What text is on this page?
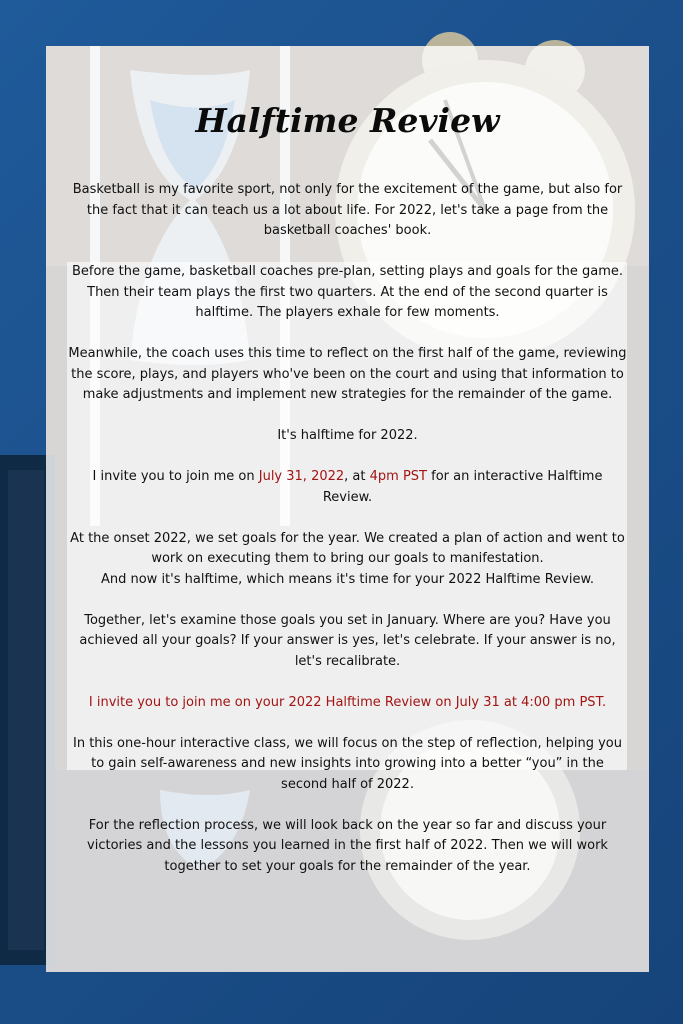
Halftime Review

Basketball is my favorite sport, not only for the excitement of the game, but also for the fact that it can teach us a lot about life. For 2022, let's take a page from the basketball coaches' book.

Before the game, basketball coaches pre-plan, setting plays and goals for the game. Then their team plays the first two quarters. At the end of the second quarter is halftime. The players exhale for few moments.

Meanwhile, the coach uses this time to reflect on the first half of the game, reviewing the score, plays, and players who've been on the court and using that information to make adjustments and implement new strategies for the remainder of the game.

It's halftime for 2022.

I invite you to join me on July 31, 2022, at 4pm PST for an interactive Halftime Review.

At the onset 2022, we set goals for the year. We created a plan of action and went to work on executing them to bring our goals to manifestation.
And now it's halftime, which means it's time for your 2022 Halftime Review.

Together, let's examine those goals you set in January. Where are you? Have you achieved all your goals? If your answer is yes, let's celebrate. If your answer is no, let's recalibrate.

I invite you to join me on your 2022 Halftime Review on July 31 at 4:00 pm PST.

In this one-hour interactive class, we will focus on the step of reflection, helping you to gain self-awareness and new insights into growing into a better “you” in the second half of 2022.

For the reflection process, we will look back on the year so far and discuss your victories and the lessons you learned in the first half of 2022. Then we will work together to set your goals for the remainder of the year.
